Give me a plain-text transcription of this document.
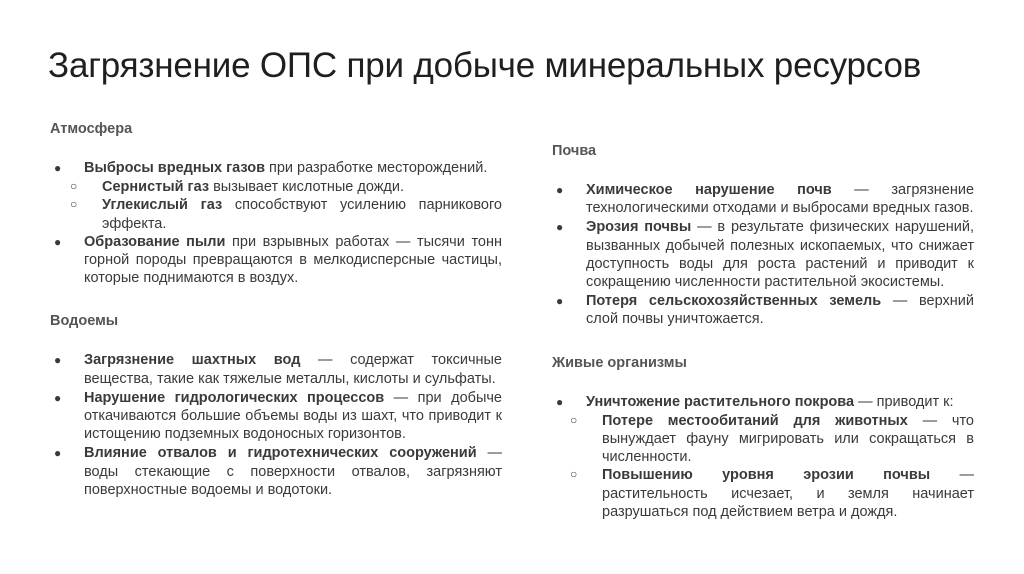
Загрязнение ОПС при добыче минеральных ресурсов
Атмосфера
● Выбросы вредных газов при разработке месторождений.
○ Сернистый газ вызывает кислотные дожди.
○ Углекислый газ способствуют усилению парникового эффекта.
● Образование пыли при взрывных работах — тысячи тонн горной породы превращаются в мелкодисперсные частицы, которые поднимаются в воздух.
Водоемы
● Загрязнение шахтных вод — содержат токсичные вещества, такие как тяжелые металлы, кислоты и сульфаты.
● Нарушение гидрологических процессов — при добыче откачиваются большие объемы воды из шахт, что приводит к истощению подземных водоносных горизонтов.
● Влияние отвалов и гидротехнических сооружений — воды стекающие с поверхности отвалов, загрязняют поверхностные водоемы и водотоки.
Почва
● Химическое нарушение почв — загрязнение технологическими отходами и выбросами вредных газов.
● Эрозия почвы — в результате физических нарушений, вызванных добычей полезных ископаемых, что снижает доступность воды для роста растений и приводит к сокращению численности растительной экосистемы.
● Потеря сельскохозяйственных земель — верхний слой почвы уничтожается.
Живые организмы
● Уничтожение растительного покрова — приводит к:
○ Потере местообитаний для животных — что вынуждает фауну мигрировать или сокращаться в численности.
○ Повышению уровня эрозии почвы — растительность исчезает, и земля начинает разрушаться под действием ветра и дождя.
